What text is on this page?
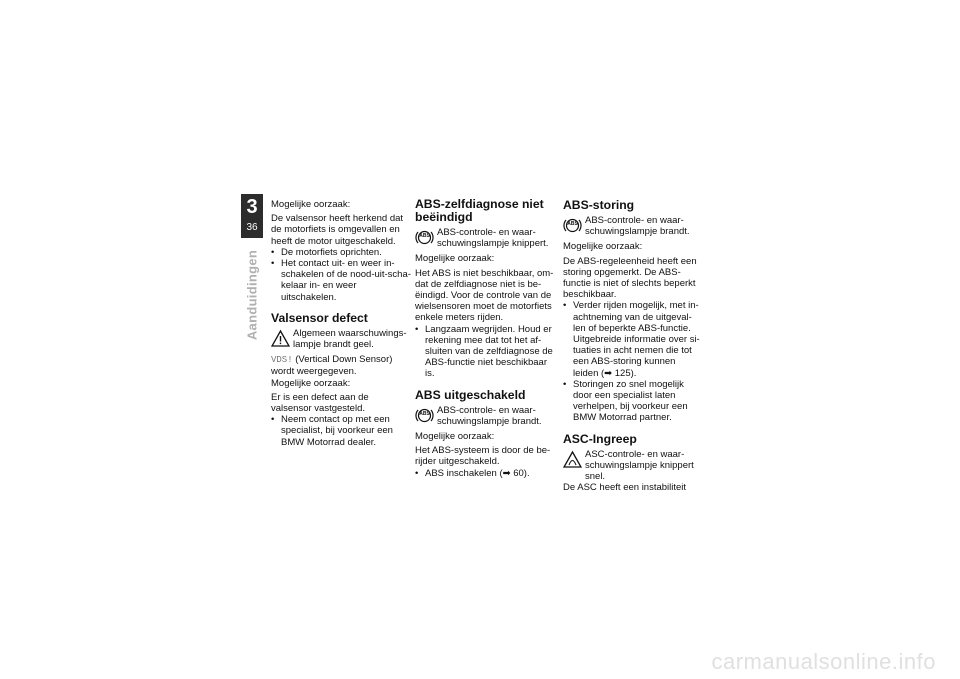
3
36
Aanduidingen

Mogelijke oorzaak:

De valsensor heeft herkend dat de motorfiets is omgevallen en heeft de motor uitgeschakeld.

• De motorfiets oprichten.
• Het contact uit- en weer in-schakelen of de nood-uit-scha-kelaar in- en weer uitschakelen.
Valsensor defect
Algemeen waarschuwings-lampje brandt geel.

VDS! (Vertical Down Sensor) wordt weergegeven.

Mogelijke oorzaak:

Er is een defect aan de valsensor vastgesteld.

• Neem contact op met een specialist, bij voorkeur een BMW Motorrad dealer.
ABS-zelfdiagnose niet beëindigd
ABS ABS-controle- en waar-schuwingslampje knippert.

Mogelijke oorzaak:

Het ABS is niet beschikbaar, om-dat de zelfdiagnose niet is be-ëindigd. Voor de controle van de wielsensoren moet de motorfiets enkele meters rijden.

• Langzaam wegrijden. Houd er rekening mee dat tot het af-sluiten van de zelfdiagnose de ABS-functie niet beschikbaar is.
ABS uitgeschakeld
ABS ABS-controle- en waar-schuwingslampje brandt.

Mogelijke oorzaak:

Het ABS-systeem is door de be-rijder uitgeschakeld.

• ABS inschakelen (➡ 60).
ABS-storing
ABS ABS-controle- en waar-schuwingslampje brandt.

Mogelijke oorzaak:

De ABS-regeleenheid heeft een storing opgemerkt. De ABS-functie is niet of slechts beperkt beschikbaar.

• Verder rijden mogelijk, met in-achtneming van de uitgeval-len of beperkte ABS-functie. Uitgebreide informatie over si-tuaties in acht nemen die tot een ABS-storing kunnen leiden (➡ 125).
• Storingen zo snel mogelijk door een specialist laten verhelpen, bij voorkeur een BMW Motorrad partner.
ASC-Ingreep
ASC-controle- en waar-schuwingslampje knippert snel.

De ASC heeft een instabiliteit

carmanualsonline.info
